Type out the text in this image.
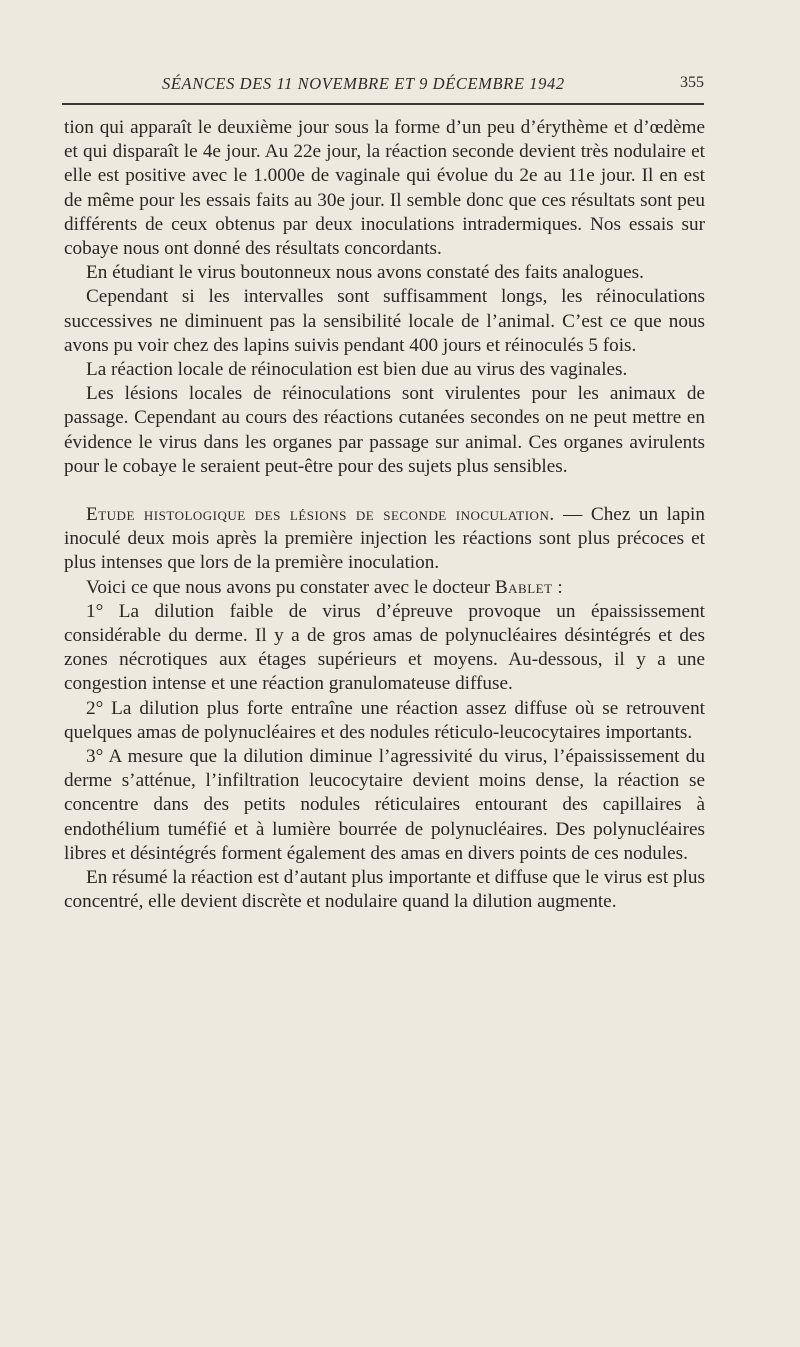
SÉANCES DES 11 NOVEMBRE ET 9 DÉCEMBRE 1942	355

tion qui apparaît le deuxième jour sous la forme d’un peu d’érythème et d’œdème et qui disparaît le 4e jour. Au 22e jour, la réaction seconde devient très nodulaire et elle est positive avec le 1.000e de vaginale qui évolue du 2e au 11e jour. Il en est de même pour les essais faits au 30e jour. Il semble donc que ces résultats sont peu différents de ceux obtenus par deux inoculations intradermiques. Nos essais sur cobaye nous ont donné des résultats concordants.

En étudiant le virus boutonneux nous avons constaté des faits analogues.

Cependant si les intervalles sont suffisamment longs, les réinoculations successives ne diminuent pas la sensibilité locale de l’animal. C’est ce que nous avons pu voir chez des lapins suivis pendant 400 jours et réinoculés 5 fois.

La réaction locale de réinoculation est bien due au virus des vaginales.

Les lésions locales de réinoculations sont virulentes pour les animaux de passage. Cependant au cours des réactions cutanées secondes on ne peut mettre en évidence le virus dans les organes par passage sur animal. Ces organes avirulents pour le cobaye le seraient peut-être pour des sujets plus sensibles.

Etude histologique des lésions de seconde inoculation. — Chez un lapin inoculé deux mois après la première injection les réactions sont plus précoces et plus intenses que lors de la première inoculation.

Voici ce que nous avons pu constater avec le docteur Bablet :

1° La dilution faible de virus d’épreuve provoque un épaississement considérable du derme. Il y a de gros amas de polynucléaires désintégrés et des zones nécrotiques aux étages supérieurs et moyens. Au-dessous, il y a une congestion intense et une réaction granulomateuse diffuse.

2° La dilution plus forte entraîne une réaction assez diffuse où se retrouvent quelques amas de polynucléaires et des nodules réticulo-leucocytaires importants.

3° A mesure que la dilution diminue l’agressivité du virus, l’épaississement du derme s’atténue, l’infiltration leucocytaire devient moins dense, la réaction se concentre dans des petits nodules réticulaires entourant des capillaires à endothélium tuméfié et à lumière bourrée de polynucléaires. Des polynucléaires libres et désintégrés forment également des amas en divers points de ces nodules.

En résumé la réaction est d’autant plus importante et diffuse que le virus est plus concentré, elle devient discrète et nodulaire quand la dilution augmente.
